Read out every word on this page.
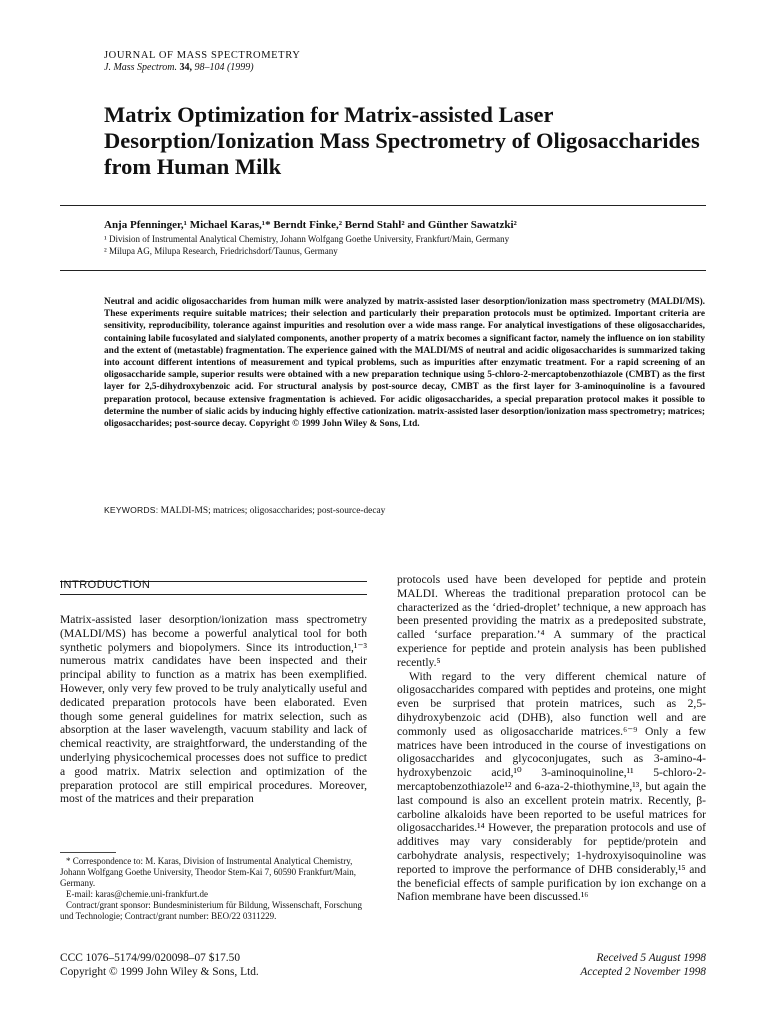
JOURNAL OF MASS SPECTROMETRY
J. Mass Spectrom. 34, 98–104 (1999)
Matrix Optimization for Matrix-assisted Laser Desorption/Ionization Mass Spectrometry of Oligosaccharides from Human Milk
Anja Pfenninger,¹ Michael Karas,¹* Berndt Finke,² Bernd Stahl² and Günther Sawatzki²
¹ Division of Instrumental Analytical Chemistry, Johann Wolfgang Goethe University, Frankfurt/Main, Germany
² Milupa AG, Milupa Research, Friedrichsdorf/Taunus, Germany
Neutral and acidic oligosaccharides from human milk were analyzed by matrix-assisted laser desorption/ionization mass spectrometry (MALDI/MS). These experiments require suitable matrices; their selection and particularly their preparation protocols must be optimized. Important criteria are sensitivity, reproducibility, tolerance against impurities and resolution over a wide mass range. For analytical investigations of these oligosaccharides, containing labile fucosylated and sialylated components, another property of a matrix becomes a significant factor, namely the influence on ion stability and the extent of (metastable) fragmentation. The experience gained with the MALDI/MS of neutral and acidic oligosaccharides is summarized taking into account different intentions of measurement and typical problems, such as impurities after enzymatic treatment. For a rapid screening of an oligosaccharide sample, superior results were obtained with a new preparation technique using 5-chloro-2-mercaptobenzothiazole (CMBT) as the first layer for 2,5-dihydroxybenzoic acid. For structural analysis by post-source decay, CMBT as the first layer for 3-aminoquinoline is a favoured preparation protocol, because extensive fragmentation is achieved. For acidic oligosaccharides, a special preparation protocol makes it possible to determine the number of sialic acids by inducing highly effective cationization. matrix-assisted laser desorption/ionization mass spectrometry; matrices; oligosaccharides; post-source decay. Copyright © 1999 John Wiley & Sons, Ltd.
KEYWORDS: MALDI-MS; matrices; oligosaccharides; post-source-decay
INTRODUCTION

Matrix-assisted laser desorption/ionization mass spectrometry (MALDI/MS) has become a powerful analytical tool for both synthetic polymers and biopolymers. Since its introduction,¹⁻³ numerous matrix candidates have been inspected and their principal ability to function as a matrix has been exemplified. However, only very few proved to be truly analytically useful and dedicated preparation protocols have been elaborated. Even though some general guidelines for matrix selection, such as absorption at the laser wavelength, vacuum stability and lack of chemical reactivity, are straightforward, the understanding of the underlying physicochemical processes does not suffice to predict a good matrix. Matrix selection and optimization of the preparation protocol are still empirical procedures. Moreover, most of the matrices and their preparation

protocols used have been developed for peptide and protein MALDI. Whereas the traditional preparation protocol can be characterized as the ‘dried-droplet’ technique, a new approach has been presented providing the matrix as a predeposited substrate, called ‘surface preparation.’⁴ A summary of the practical experience for peptide and protein analysis has been published recently.⁵

With regard to the very different chemical nature of oligosaccharides compared with peptides and proteins, one might even be surprised that protein matrices, such as 2,5-dihydroxybenzoic acid (DHB), also function well and are commonly used as oligosaccharide matrices.⁶⁻⁹ Only a few matrices have been introduced in the course of investigations on oligosaccharides and glycoconjugates, such as 3-amino-4-hydroxybenzoic acid,¹⁰ 3-aminoquinoline,¹¹ 5-chloro-2-mercaptobenzothiazole¹² and 6-aza-2-thiothymine,¹³, but again the last compound is also an excellent protein matrix. Recently, β-carboline alkaloids have been reported to be useful matrices for oligosaccharides.¹⁴ However, the preparation protocols and use of additives may vary considerably for peptide/protein and carbohydrate analysis, respectively; 1-hydroxyisoquinoline was reported to improve the performance of DHB considerably,¹⁵ and the beneficial effects of sample purification by ion exchange on a Nafion membrane have been discussed.¹⁶

* Correspondence to: M. Karas, Division of Instrumental Analytical Chemistry, Johann Wolfgang Goethe University, Theodor Stem-Kai 7, 60590 Frankfurt/Main, Germany.

E-mail: karas@chemie.uni-frankfurt.de

Contract/grant sponsor: Bundesministerium für Bildung, Wissenschaft, Forschung und Technologie; Contract/grant number: BEO/22 0311229.

CCC 1076–5174/99/020098–07 $17.50
Copyright © 1999 John Wiley & Sons, Ltd.
Received 5 August 1998
Accepted 2 November 1998
